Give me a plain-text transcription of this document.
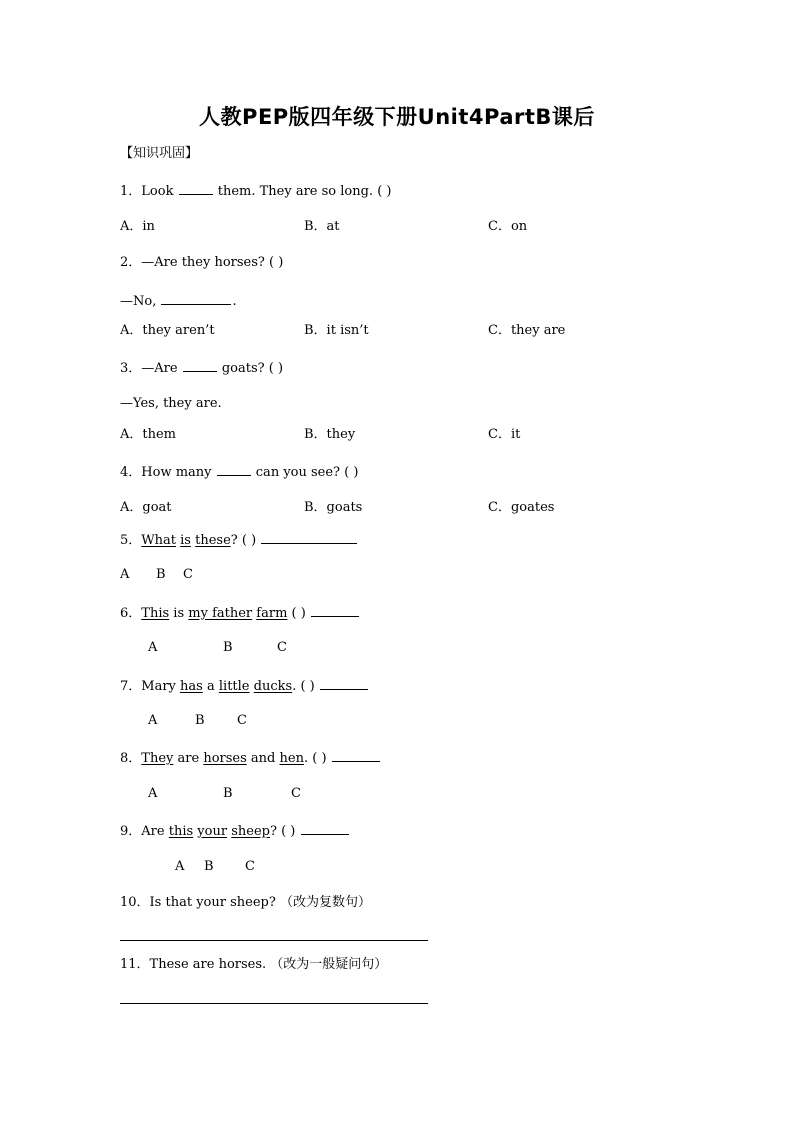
人教PEP版四年级下册Unit4PartB课后
【知识巩固】
1．Look	them. They are so long. ( )
A．in	B．at	C．on
2．—Are they horses? ( )
—No,	.
A．they aren’t	B．it isn’t	C．they are
3．—Are	goats? ( )
—Yes, they are.
A．them	B．they	C．it
4．How many	can you see? ( )
A．goat	B．goats	C．goates
5．What is these? ( )
A B C
6．This is my father farm ( )
A	B	C
7．Mary has a little ducks. ( )
A	B C
8．They are horses and hen. ( )
A	B	C
9．Are this your sheep? ( )
A B C
10．Is that your sheep? （改为复数句）
11．These are horses. （改为一般疑问句）
